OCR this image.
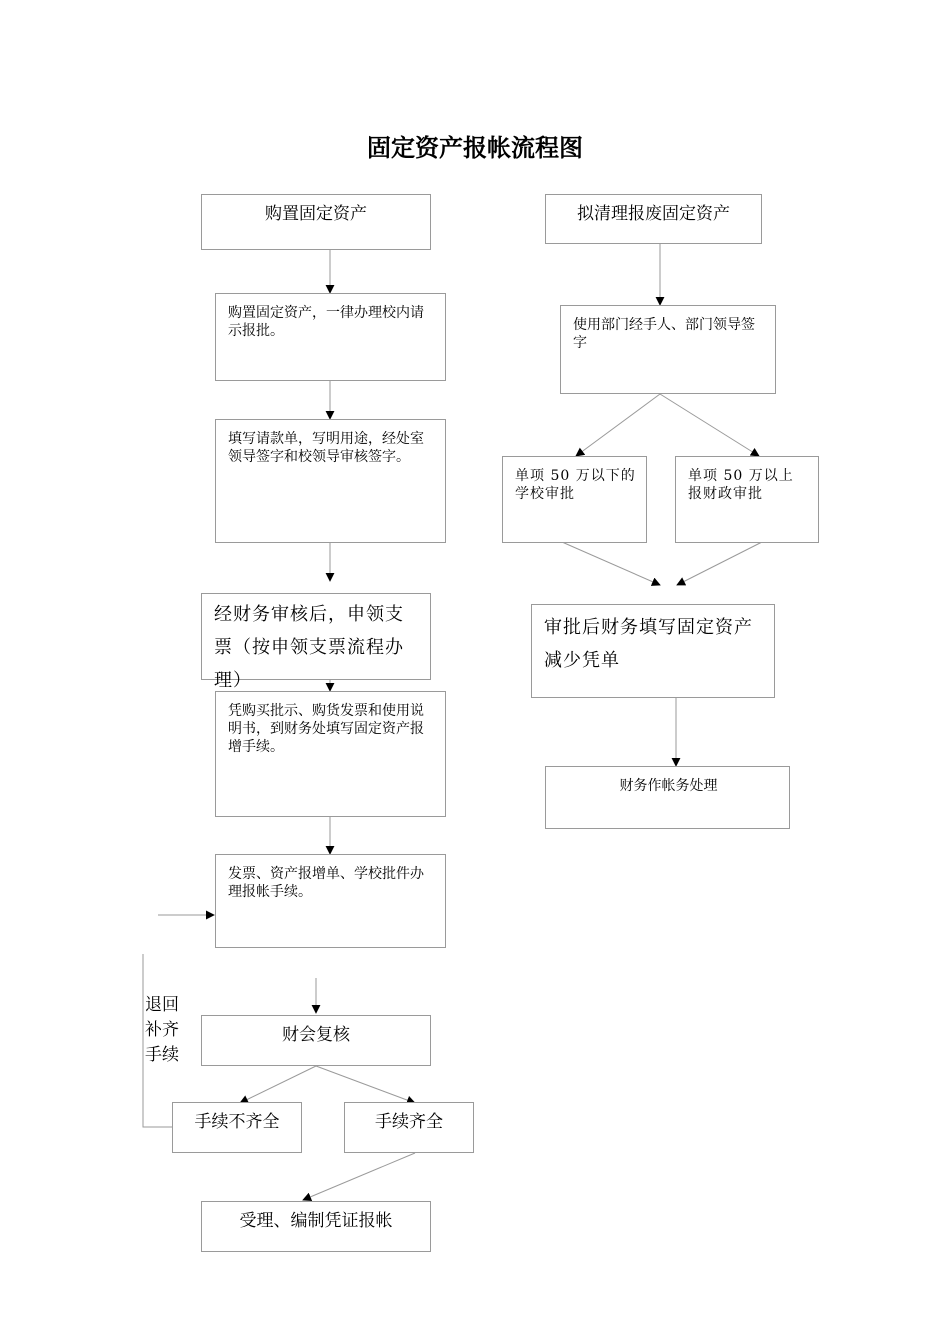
固定资产报帐流程图
购置固定资产
购置固定资产，一律办理校内请示报批。
填写请款单，写明用途，经处室领导签字和校领导审核签字。
经财务审核后，申领支票（按申领支票流程办理）
凭购买批示、购货发票和使用说明书，到财务处填写固定资产报增手续。
发票、资产报增单、学校批件办理报帐手续。
财会复核
手续不齐全	手续齐全
受理、编制凭证报帐
退回补齐手续
拟清理报废固定资产
使用部门经手人、部门领导签字
单项 50 万以下的学校审批
单项 50 万以上报财政审批
审批后财务填写固定资产减少凭单
财务作帐务处理
